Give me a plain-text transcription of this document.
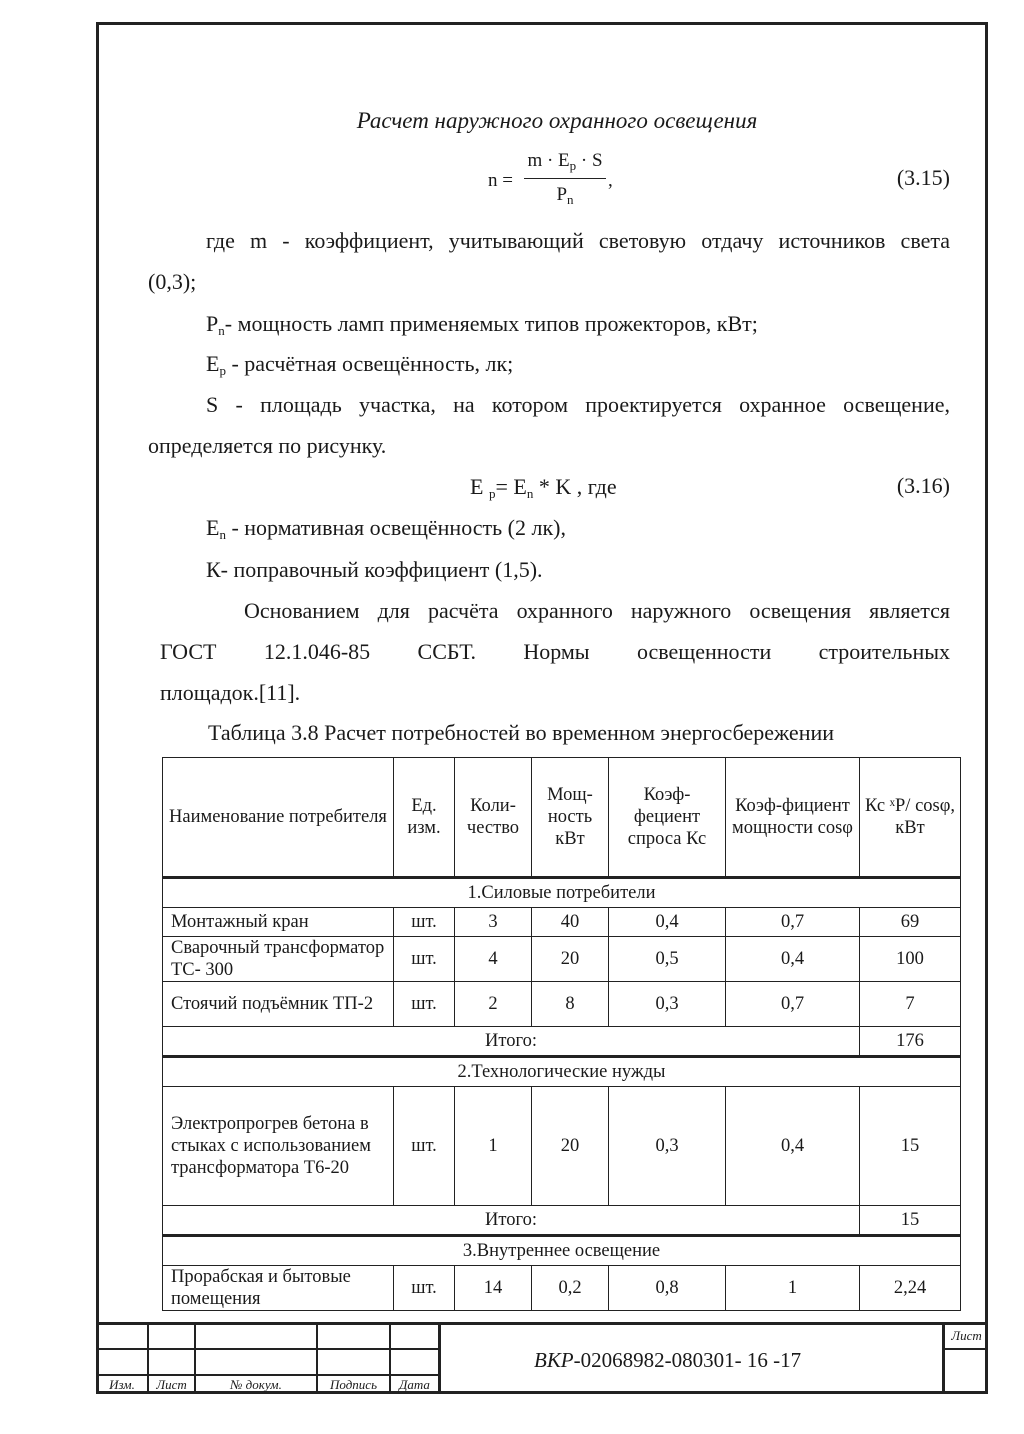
Расчет наружного охранного освещения
n =
$m \cdot E_p \cdot S$
$P_n$
,	(3.15)
где m - коэффициент, учитывающий световую отдачу источников света
(0,3);
$P_n-$ мощность ламп применяемых типов прожекторов, кВт;
$E_p$ - расчётная освещённость, лк;
S - площадь участка, на котором проектируется охранное освещение,
определяется по рисунку.
E $_p= E_n * K$ , где	(3.16)
$E_n$ - нормативная освещённость (2 лк),
К- поправочный коэффициент (1,5).
Основанием для расчёта охранного наружного освещения является
ГОСТ 12.1.046-85 ССБТ. Нормы освещенности строительных
площадок.[11].
Таблица 3.8 Расчет потребностей во временном энергосбережении
Наименование потребителя	Ед. изм.	Коли-чество	Мощ-ность кВт	Коэф-фециент спроса Кс	Коэф-фициент мощности cosφ	Кс ˣP/ cosφ, кВт
1.Силовые потребители						
Монтажный кран	шт.	3	40	0,4	0,7	69
Сварочный трансформатор ТС- 300	шт.	4	20	0,5	0,4	100
Стоячий подъёмник ТП-2	шт.	2	8	0,3	0,7	7
Итого:						176
2.Технологические нужды						
Электропрогрев бетона в стыках с использованием трансформатора Т6-20	шт.	1	20	0,3	0,4	15
Итого:						15
3.Внутреннее освещение						
Прорабская и бытовые помещения	шт.	14	0,2	0,8	1	2,24
Изм.	Лист	№ докум.	Подпись	Дата
Лист
ВКР-02068982-080301- 16 -17
